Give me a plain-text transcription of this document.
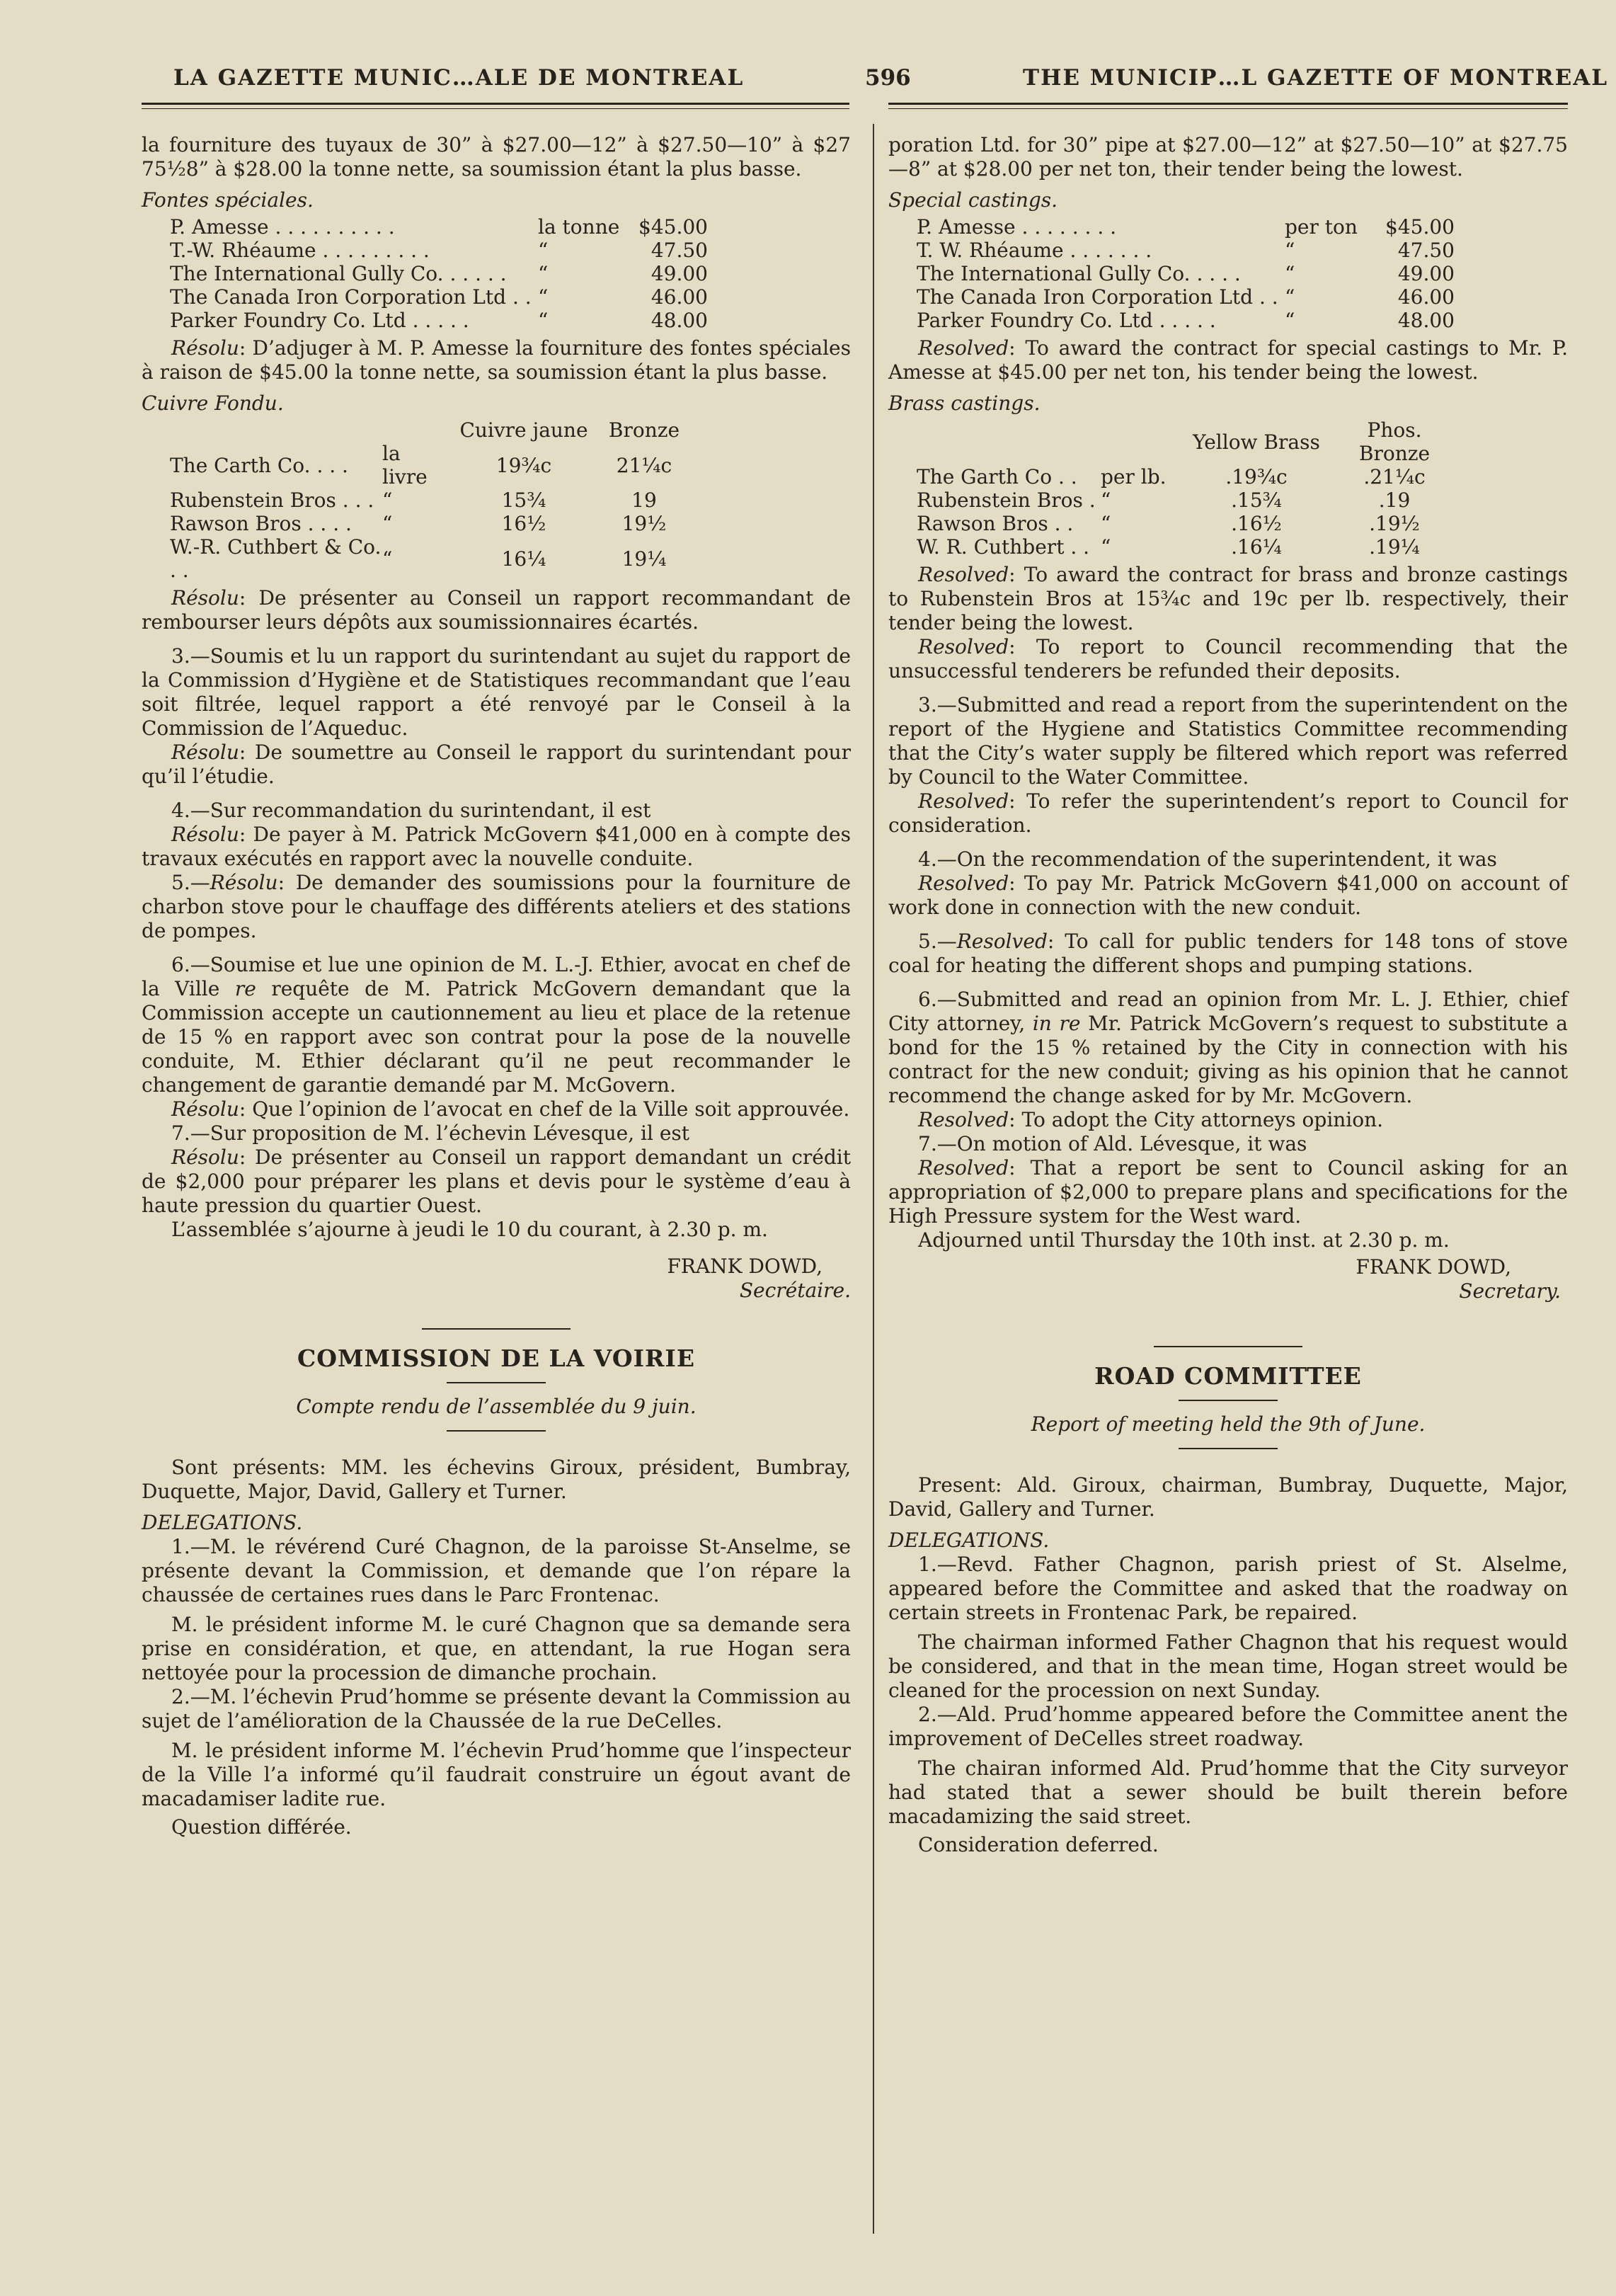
LA GAZETTE MUNIC…ALE DE MONTREAL	596	THE MUNICIP…L GAZETTE OF MONTREAL

la fourniture des tuyaux de 30” à $27.00—12” à $27.50—10” à $27 75½8” à $28.00 la tonne nette, sa soumission étant la plus basse.

Fontes spéciales.

P. Amesse . . . . . . . . . .	la tonne	$45.00
T.-W. Rhéaume . . . . . . . . .	“	47.50
The International Gully Co. . . . . .	“	49.00
The Canada Iron Corporation Ltd . .	“	46.00
Parker Foundry Co. Ltd . . . . .	“	48.00

Résolu: D’adjuger à M. P. Amesse la fourniture des fontes spéciales à raison de $45.00 la tonne nette, sa soumission étant la plus basse.

Cuivre Fondu.

		Cuivre jaune	Bronze
The Carth Co. . . .	la livre	19¾c	21¼c
Rubenstein Bros . . .	“	15¾	19
Rawson Bros . . . .	“	16½	19½
W.-R. Cuthbert & Co. . .	“	16¼	19¼

Résolu: De présenter au Conseil un rapport recommandant de rembourser leurs dépôts aux soumissionnaires écartés.

3.—Soumis et lu un rapport du surintendant au sujet du rapport de la Commission d’Hygiène et de Statistiques recommandant que l’eau soit filtrée, lequel rapport a été renvoyé par le Conseil à la Commission de l’Aqueduc.

Résolu: De soumettre au Conseil le rapport du surintendant pour qu’il l’étudie.

4.—Sur recommandation du surintendant, il est

Résolu: De payer à M. Patrick McGovern $41,000 en à compte des travaux exécutés en rapport avec la nouvelle conduite.

5.—Résolu: De demander des soumissions pour la fourniture de charbon stove pour le chauffage des différents ateliers et des stations de pompes.

6.—Soumise et lue une opinion de M. L.-J. Ethier, avocat en chef de la Ville re requête de M. Patrick McGovern demandant que la Commission accepte un cautionnement au lieu et place de la retenue de 15 % en rapport avec son contrat pour la pose de la nouvelle conduite, M. Ethier déclarant qu’il ne peut recommander le changement de garantie demandé par M. McGovern.

Résolu: Que l’opinion de l’avocat en chef de la Ville soit approuvée.

7.—Sur proposition de M. l’échevin Lévesque, il est

Résolu: De présenter au Conseil un rapport demandant un crédit de $2,000 pour préparer les plans et devis pour le système d’eau à haute pression du quartier Ouest.

L’assemblée s’ajourne à jeudi le 10 du courant, à 2.30 p. m.

FRANK DOWD,

Secrétaire.

COMMISSION DE LA VOIRIE

Compte rendu de l’assemblée du 9 juin.

Sont présents: MM. les échevins Giroux, président, Bumbray, Duquette, Major, David, Gallery et Turner.

DELEGATIONS.

1.—M. le révérend Curé Chagnon, de la paroisse St-Anselme, se présente devant la Commission, et demande que l’on répare la chaussée de certaines rues dans le Parc Frontenac.

M. le président informe M. le curé Chagnon que sa demande sera prise en considération, et que, en attendant, la rue Hogan sera nettoyée pour la procession de dimanche prochain.

2.—M. l’échevin Prud’homme se présente devant la Commission au sujet de l’amélioration de la Chaussée de la rue DeCelles.

M. le président informe M. l’échevin Prud’homme que l’inspecteur de la Ville l’a informé qu’il faudrait construire un égout avant de macadamiser ladite rue.

Question différée.

poration Ltd. for 30” pipe at $27.00—12” at $27.50—10” at $27.75—8” at $28.00 per net ton, their tender being the lowest.

Special castings.

P. Amesse . . . . . . . .	per ton	$45.00
T. W. Rhéaume . . . . . . .	“	47.50
The International Gully Co. . . . .	“	49.00
The Canada Iron Corporation Ltd . .	“	46.00
Parker Foundry Co. Ltd . . . . .	“	48.00

Resolved: To award the contract for special castings to Mr. P. Amesse at $45.00 per net ton, his tender being the lowest.

Brass castings.

		Yellow Brass	Phos. Bronze
The Garth Co . .	per lb.	.19¾c	.21¼c
Rubenstein Bros .	“	.15¾	.19
Rawson Bros . .	“	.16½	.19½
W. R. Cuthbert . .	“	.16¼	.19¼

Resolved: To award the contract for brass and bronze castings to Rubenstein Bros at 15¾c and 19c per lb. respectively, their tender being the lowest.

Resolved: To report to Council recommending that the unsuccessful tenderers be refunded their deposits.

3.—Submitted and read a report from the superintendent on the report of the Hygiene and Statistics Committee recommending that the City’s water supply be filtered which report was referred by Council to the Water Committee.

Resolved: To refer the superintendent’s report to Council for consideration.

4.—On the recommendation of the superintendent, it was

Resolved: To pay Mr. Patrick McGovern $41,000 on account of work done in connection with the new conduit.

5.—Resolved: To call for public tenders for 148 tons of stove coal for heating the different shops and pumping stations.

6.—Submitted and read an opinion from Mr. L. J. Ethier, chief City attorney, in re Mr. Patrick McGovern’s request to substitute a bond for the 15 % retained by the City in connection with his contract for the new conduit; giving as his opinion that he cannot recommend the change asked for by Mr. McGovern.

Resolved: To adopt the City attorneys opinion.

7.—On motion of Ald. Lévesque, it was

Resolved: That a report be sent to Council asking for an appropriation of $2,000 to prepare plans and specifications for the High Pressure system for the West ward.

Adjourned until Thursday the 10th inst. at 2.30 p. m.

FRANK DOWD,

Secretary.

ROAD COMMITTEE

Report of meeting held the 9th of June.

Present: Ald. Giroux, chairman, Bumbray, Duquette, Major, David, Gallery and Turner.

DELEGATIONS.

1.—Revd. Father Chagnon, parish priest of St. Alselme, appeared before the Committee and asked that the roadway on certain streets in Frontenac Park, be repaired.

The chairman informed Father Chagnon that his request would be considered, and that in the mean time, Hogan street would be cleaned for the procession on next Sunday.

2.—Ald. Prud’homme appeared before the Committee anent the improvement of DeCelles street roadway.

The chairan informed Ald. Prud’homme that the City surveyor had stated that a sewer should be built therein before macadamizing the said street.

Consideration deferred.
